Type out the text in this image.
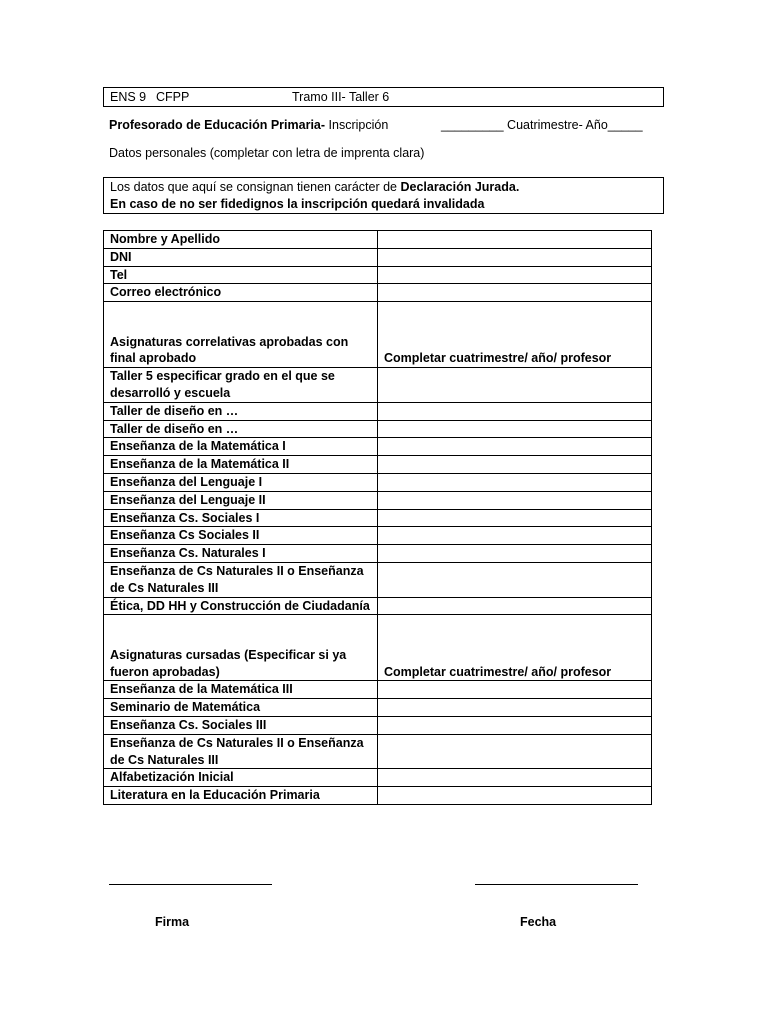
ENS 9 CFPP	Tramo III- Taller 6
Profesorado de Educación Primaria- Inscripción	_________ Cuatrimestre- Año_____
Datos personales (completar con letra de imprenta clara)
Los datos que aquí se consignan tienen carácter de Declaración Jurada.
En caso de no ser fidedignos la inscripción quedará invalidada
Nombre y Apellido	
DNI	
Tel	
Correo electrónico	
Asignaturas correlativas aprobadas con final aprobado	Completar cuatrimestre/ año/ profesor
Taller 5 especificar grado en el que se desarrolló y escuela	
Taller de diseño en …	
Taller de diseño en …	
Enseñanza de la Matemática I	
Enseñanza de la Matemática II	
Enseñanza del Lenguaje I	
Enseñanza del Lenguaje II	
Enseñanza Cs. Sociales I	
Enseñanza Cs Sociales II	
Enseñanza Cs. Naturales I	
Enseñanza de Cs Naturales II o Enseñanza de Cs Naturales III	
Ética, DD HH y Construcción de Ciudadanía	
Asignaturas cursadas (Especificar si ya fueron aprobadas)	Completar cuatrimestre/ año/ profesor
Enseñanza de la Matemática III	
Seminario de Matemática	
Enseñanza Cs. Sociales III	
Enseñanza de Cs Naturales II o Enseñanza de Cs Naturales III	
Alfabetización Inicial	
Literatura en la Educación Primaria	
Firma	Fecha
